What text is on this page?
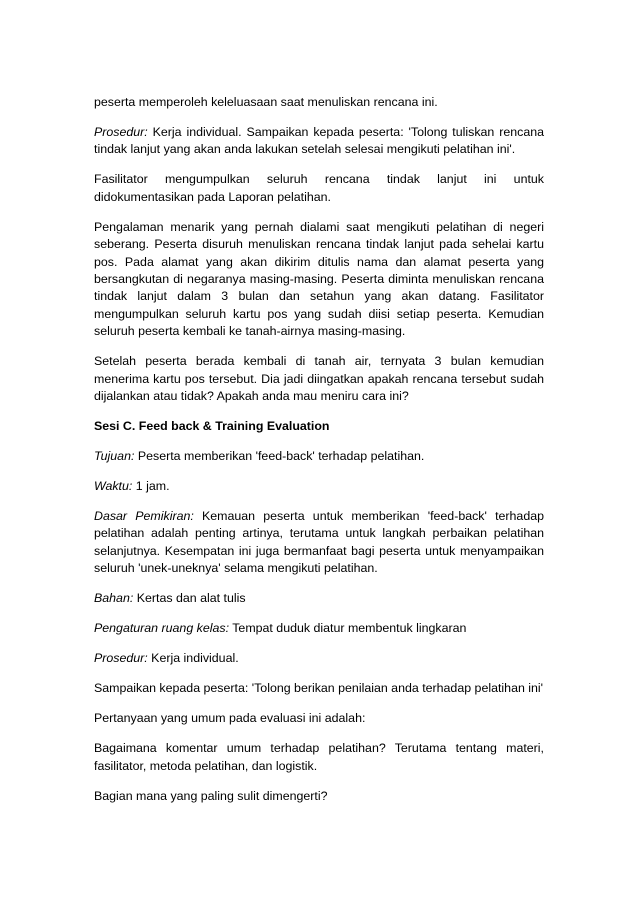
peserta memperoleh keleluasaan saat menuliskan rencana ini.

Prosedur: Kerja individual. Sampaikan kepada peserta: 'Tolong tuliskan rencana tindak lanjut yang akan anda lakukan setelah selesai mengikuti pelatihan ini'.

Fasilitator mengumpulkan seluruh rencana tindak lanjut ini untuk didokumentasikan pada Laporan pelatihan.

Pengalaman menarik yang pernah dialami saat mengikuti pelatihan di negeri seberang. Peserta disuruh menuliskan rencana tindak lanjut pada sehelai kartu pos. Pada alamat yang akan dikirim ditulis nama dan alamat peserta yang bersangkutan di negaranya masing-masing. Peserta diminta menuliskan rencana tindak lanjut dalam 3 bulan dan setahun yang akan datang. Fasilitator mengumpulkan seluruh kartu pos yang sudah diisi setiap peserta. Kemudian seluruh peserta kembali ke tanah-airnya masing-masing.

Setelah peserta berada kembali di tanah air, ternyata 3 bulan kemudian menerima kartu pos tersebut. Dia jadi diingatkan apakah rencana tersebut sudah dijalankan atau tidak? Apakah anda mau meniru cara ini?

Sesi C. Feed back & Training Evaluation

Tujuan: Peserta memberikan 'feed-back' terhadap pelatihan.

Waktu: 1 jam.

Dasar Pemikiran: Kemauan peserta untuk memberikan 'feed-back' terhadap pelatihan adalah penting artinya, terutama untuk langkah perbaikan pelatihan selanjutnya. Kesempatan ini juga bermanfaat bagi peserta untuk menyampaikan seluruh 'unek-uneknya' selama mengikuti pelatihan.

Bahan: Kertas dan alat tulis

Pengaturan ruang kelas: Tempat duduk diatur membentuk lingkaran

Prosedur: Kerja individual.

Sampaikan kepada peserta: 'Tolong berikan penilaian anda terhadap pelatihan ini'

Pertanyaan yang umum pada evaluasi ini adalah:

Bagaimana komentar umum terhadap pelatihan? Terutama tentang materi, fasilitator, metoda pelatihan, dan logistik.

Bagian mana yang paling sulit dimengerti?
